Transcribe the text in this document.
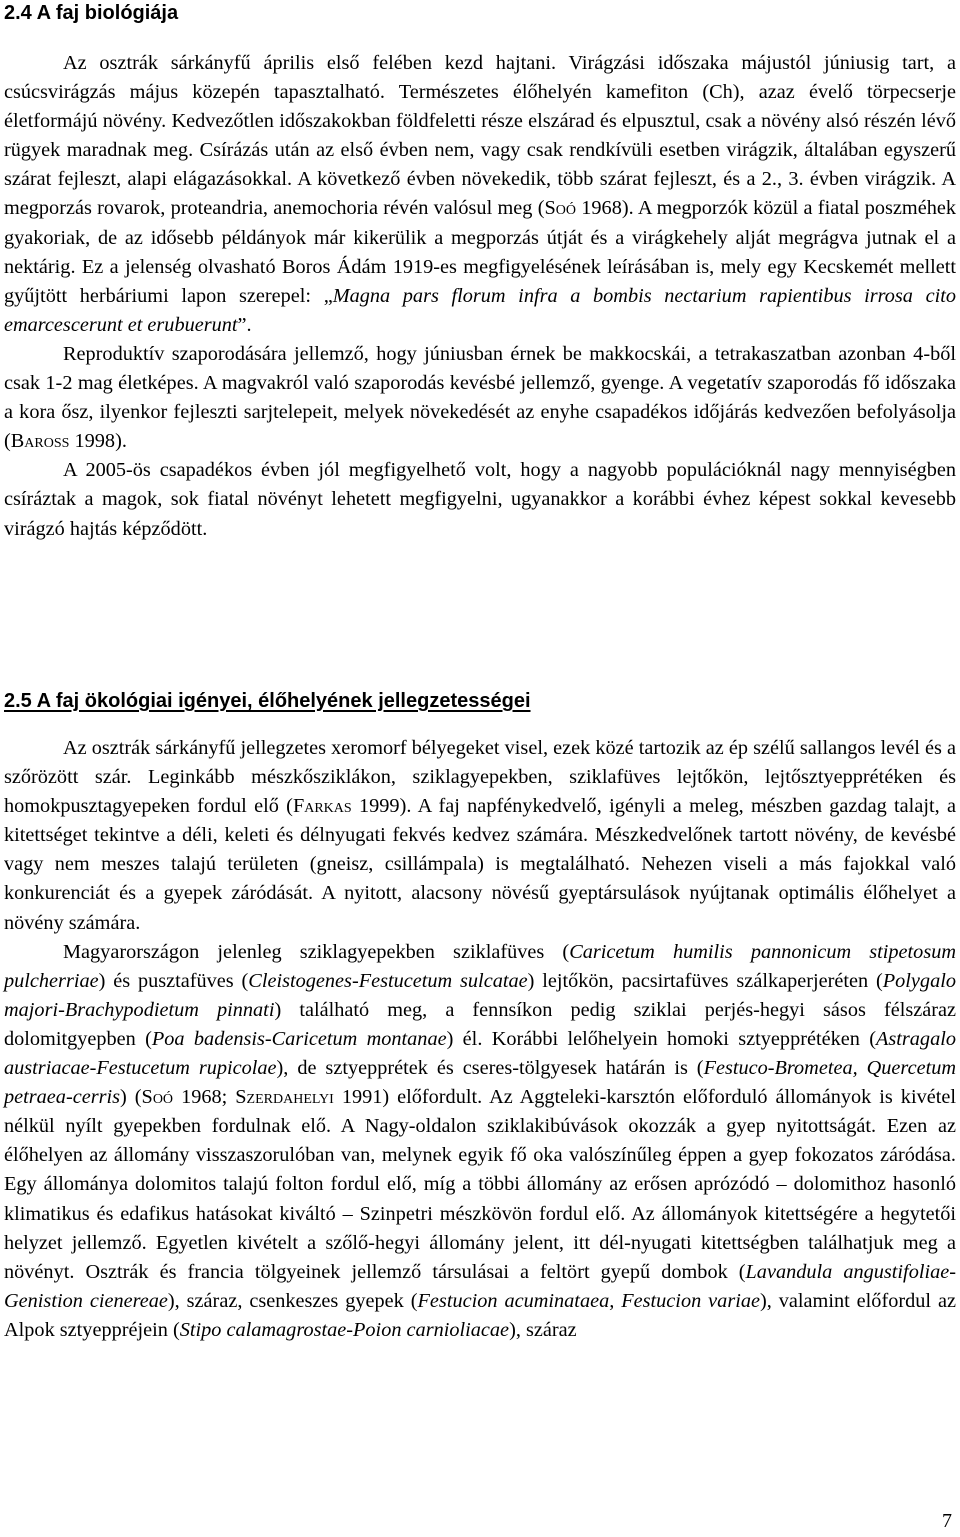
2.4 A faj biológiája

Az osztrák sárkányfű április első felében kezd hajtani. Virágzási időszaka májustól júniusig tart, a csúcsvirágzás május közepén tapasztalható. Természetes élőhelyén kamefiton (Ch), azaz évelő törpecserje életformájú növény. Kedvezőtlen időszakokban földfeletti része elszárad és elpusztul, csak a növény alsó részén lévő rügyek maradnak meg. Csírázás után az első évben nem, vagy csak rendkívüli esetben virágzik, általában egyszerű szárat fejleszt, alapi elágazásokkal. A következő évben növekedik, több szárat fejleszt, és a 2., 3. évben virágzik. A megporzás rovarok, proteandria, anemochoria révén valósul meg (Soó 1968). A megporzók közül a fiatal poszméhek gyakoriak, de az idősebb példányok már kikerülik a megporzás útját és a virágkehely alját megrágva jutnak el a nektárig. Ez a jelenség olvasható Boros Ádám 1919-es megfigyelésének leírásában is, mely egy Kecskemét mellett gyűjtött herbáriumi lapon szerepel: „Magna pars florum infra a bombis nectarium rapientibus irrosa cito emarcescerunt et erubuerunt”.

Reproduktív szaporodására jellemző, hogy júniusban érnek be makkocskái, a tetrakaszatban azonban 4-ből csak 1-2 mag életképes. A magvakról való szaporodás kevésbé jellemző, gyenge. A vegetatív szaporodás fő időszaka a kora ősz, ilyenkor fejleszti sarjtelepeit, melyek növekedését az enyhe csapadékos időjárás kedvezően befolyásolja (Baross 1998).

A 2005-ös csapadékos évben jól megfigyelhető volt, hogy a nagyobb populációknál nagy mennyiségben csíráztak a magok, sok fiatal növényt lehetett megfigyelni, ugyanakkor a korábbi évhez képest sokkal kevesebb virágzó hajtás képződött.

2.5 A faj ökológiai igényei, élőhelyének jellegzetességei

Az osztrák sárkányfű jellegzetes xeromorf bélyegeket visel, ezek közé tartozik az ép szélű sallangos levél és a szőrözött szár. Leginkább mészkősziklákon, sziklagyepekben, sziklafüves lejtőkön, lejtősztyepprétéken és homokpusztagyepeken fordul elő (Farkas 1999). A faj napfénykedvelő, igényli a meleg, mészben gazdag talajt, a kitettséget tekintve a déli, keleti és délnyugati fekvés kedvez számára. Mészkedvelőnek tartott növény, de kevésbé vagy nem meszes talajú területen (gneisz, csillámpala) is megtalálható. Nehezen viseli a más fajokkal való konkurenciát és a gyepek záródását. A nyitott, alacsony növésű gyeptársulások nyújtanak optimális élőhelyet a növény számára.

Magyarországon jelenleg sziklagyepekben sziklafüves (Caricetum humilis pannonicum stipetosum pulcherriae) és pusztafüves (Cleistogenes-Festucetum sulcatae) lejtőkön, pacsirtafüves szálkaperjeréten (Polygalo majori-Brachypodietum pinnati) található meg, a fennsíkon pedig sziklai perjés-hegyi sásos félszáraz dolomitgyepben (Poa badensis-Caricetum montanae) él. Korábbi lelőhelyein homoki sztyepprétéken (Astragalo austriacae-Festucetum rupicolae), de sztyepprétek és cseres-tölgyesek határán is (Festuco-Brometea, Quercetum petraea-cerris) (Soó 1968; Szerdahelyi 1991) előfordult. Az Aggteleki-karsztón előforduló állományok is kivétel nélkül nyílt gyepekben fordulnak elő. A Nagy-oldalon sziklakibúvások okozzák a gyep nyitottságát. Ezen az élőhelyen az állomány visszaszorulóban van, melynek egyik fő oka valószínűleg éppen a gyep fokozatos záródása. Egy állománya dolomitos talajú folton fordul elő, míg a többi állomány az erősen aprózódó – dolomithoz hasonló klimatikus és edafikus hatásokat kiváltó – Szinpetri mészkövön fordul elő. Az állományok kitettségére a hegytetői helyzet jellemző. Egyetlen kivételt a szőlő-hegyi állomány jelent, itt dél-nyugati kitettségben találhatjuk meg a növényt. Osztrák és francia tölgyeinek jellemző társulásai a feltört gyepű dombok (Lavandula angustifoliae-Genistion cienereae), száraz, csenkeszes gyepek (Festucion acuminataea, Festucion variae), valamint előfordul az Alpok sztyeppréjein (Stipo calamagrostae-Poion carnioliacae), száraz

7
